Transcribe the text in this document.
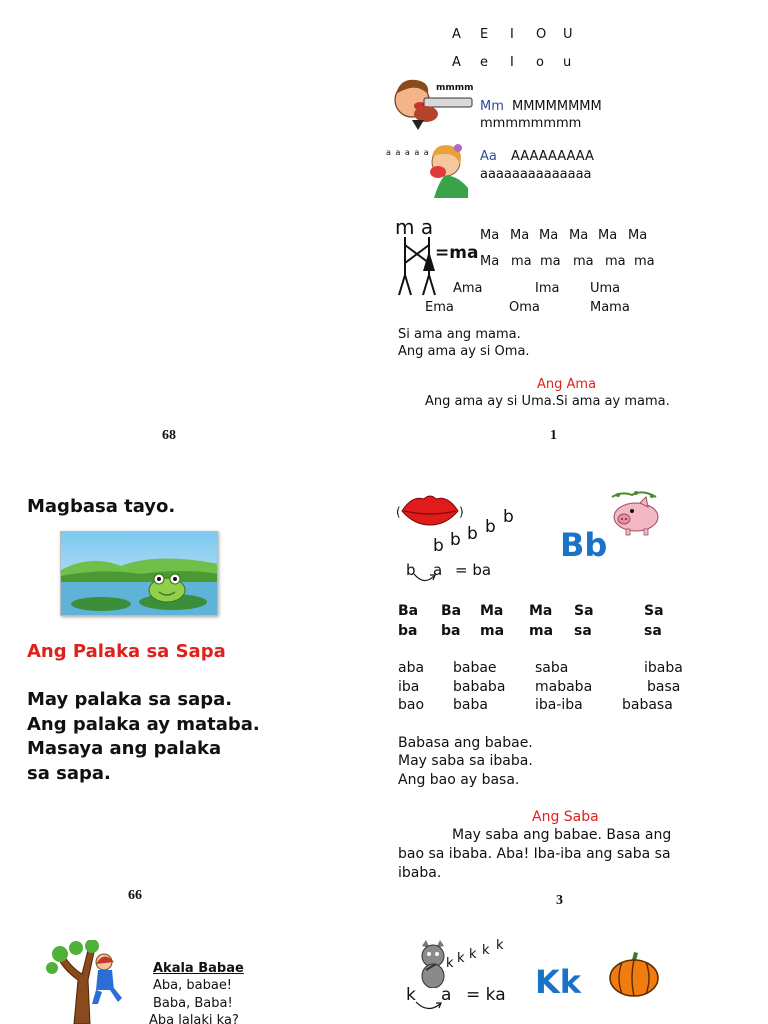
A E I O U
A e I o u
mmmm
Mm MMMMMMMM
mmmmmmmm
a a a a a	Aa AAAAAAAAA
aaaaaaaaaaaaaa
m a
=ma
Ma Ma Ma Ma Ma Ma
Ma ma ma ma ma ma
Ama	Ima Uma
Ema	Oma	Mama
Si ama ang mama.
Ang ama ay si Oma.
Ang Ama
Ang ama ay si Uma.Si ama ay mama.
68	1
Magbasa tayo.
Ang Palaka sa Sapa
May palaka sa sapa.
Ang palaka ay mataba.
Masaya ang palaka
sa sapa.
66
(	)
b b b b b
b a = ba
Bb
Ba Ba Ma Ma Sa	Sa
ba ba ma ma sa	sa
aba babae	saba	ibaba
iba bababa mababa	basa
bao baba	iba-iba	babasa
Babasa ang babae.
May saba sa ibaba.
Ang bao ay basa.
Ang Saba
May saba ang babae. Basa ang
bao sa ibaba. Aba! Iba-iba ang saba sa
ibaba.
3
Akala Babae
Aba, babae!
Baba, Baba!
Aba lalaki ka?
k k k k k
k a = ka Kk
